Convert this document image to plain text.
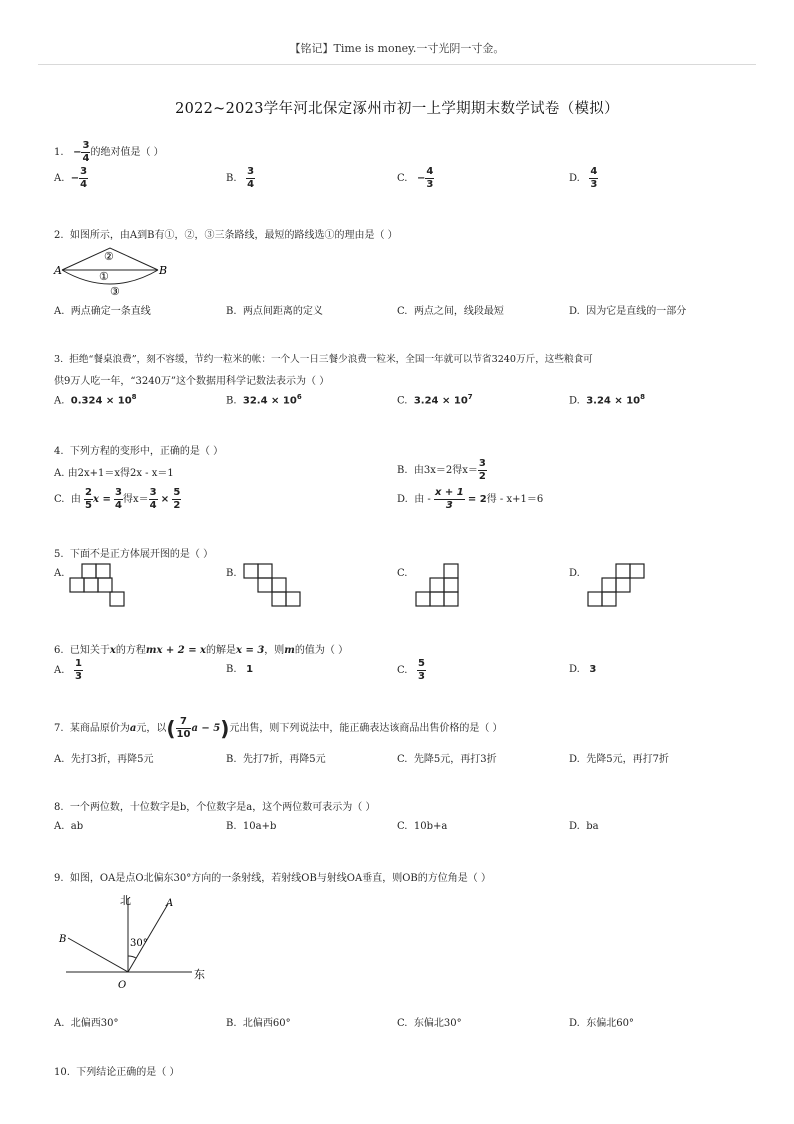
【铭记】Time is money.一寸光阴一寸金。
2022~2023学年河北保定涿州市初一上学期期末数学试卷（模拟）
1. − $\frac{3}{4}$ 的绝对值是（ ）
A. − $\frac{3}{4}$	B. $\frac{3}{4}$	C. − $\frac{4}{3}$	D. $\frac{4}{3}$
2. 如图所示，由A到B有①，②，③三条路线，最短的路线选①的理由是（ ）
A	B
②
①
③
A. 两点确定一条直线	B. 两点间距离的定义	C. 两点之间，线段最短	D. 因为它是直线的一部分
3. 拒绝“餐桌浪费”，刻不容缓，节约一粒米的帐：一个人一日三餐少浪费一粒米，全国一年就可以节省3240万斤，这些粮食可
供9万人吃一年，“3240万”这个数据用科学记数法表示为（ ）
A. $0.324 \times 10^8$	B. $32.4 \times 10^6$	C. $3.24 \times 10^7$	D. $3.24 \times 10^8$
4. 下列方程的变形中，正确的是（ ）
A. 由2x+1＝x得2x - x＝1	B. 由3x＝2得$x= \frac{3}{2}$
C. 由 $\frac{2}{5}$ $x = \frac{3}{4}$ 得$x= \frac{3}{4} \times \frac{5}{2}$	D. 由 - $\frac{x + 1}{3} = 2$得 - x+1＝6
5. 下面不是正方体展开图的是（ ）
A.	B.	C.	D.
6. 已知关于x的方程mx + 2 = x的解是x = 3，则m的值为（ ）
A. $\frac{1}{3}$	B. 1	C. $\frac{5}{3}$	D. 3
7. 某商品原价为a元，以( $\frac{7}{10}$ a − 5)元出售，则下列说法中，能正确表达该商品出售价格的是（ ）
A. 先打3折，再降5元	B. 先打7折，再降5元	C. 先降5元，再打3折	D. 先降5元，再打7折
8. 一个两位数，十位数字是b，个位数字是a，这个两位数可表示为（ ）
A. ab	B. 10a+b	C. 10b+a	D. ba
9. 如图，OA是点O北偏东30°方向的一条射线，若射线OB与射线OA垂直，则OB的方位角是（ ）
北
东
A
B
O
30°
A. 北偏西30°	B. 北偏西60°	C. 东偏北30°	D. 东偏北60°
10. 下列结论正确的是（ ）
